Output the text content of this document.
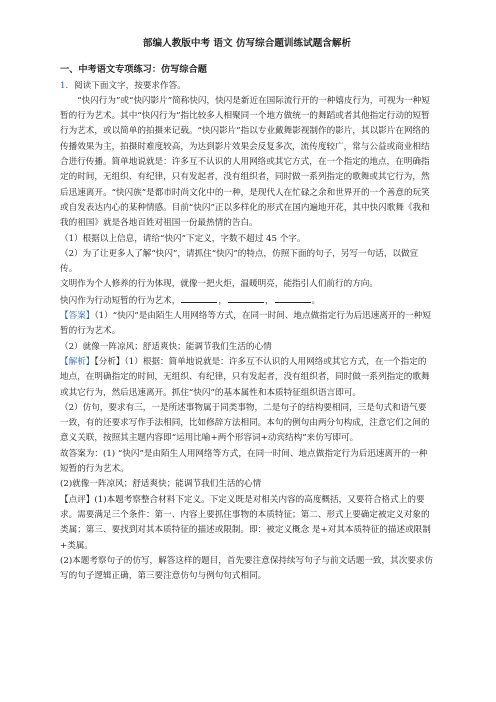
部编人教版中考 语文 仿写综合题训练试题含解析
一、中考语文专项练习：仿写综合题

1．阅读下面文字，按要求作答。

“快闪行为”或“快闪影片”简称快闪，快闪是新近在国际流行开的一种嬉皮行为，可视为一种短暂的行为艺术。其中“快闪行为”指比较多人相聚同一个地方做统一的舞蹈或者其他指定行动的短暂行为艺术，或以简单的拍摄来记载。“快闪影片”指以专业戴舞影视制作的影片，其以影片在网络的传播效果为主，拍摄时难度较高，为达到影片效果会反复多次，流传度较广，常与公益或商业相结合进行传播。简单地说就是：许多互不认识的人用网络或其它方式，在一个指定的地点，在明确指定的时间，无组织、有纪律，只有发起者，没有组织者，同时做一系列指定的歌舞或其它行为，然后迅速离开。“快闪族”是都市时尚文化中的一种，是现代人在忙碌之余和世界开的一个善意的玩笑或自发表达内心的某种情感。目前“快闪”正以多样化的形式在国内遍地开花，其中快闪歌舞《我和我的祖国》就是各地百姓对祖国一份最热情的告白。

（1）根据以上信息，请给“快闪”下定义，字数不超过 45 个字。

（2）为了让更多人了解“快闪”，请抓住“快闪”的特点，仿照下面的句子，另写一句话，以做宣传。

文明作为个人修养的行为体现，就像一把火炬，温暖明亮，能指引人们前行的方向。

快闪作为行动短暂的行为艺术，	，	，	。

【答案】（1）“快闪”是由陌生人用网络等方式，在同一时间、地点做指定行为后迅速离开的一种短暂的行为艺术。

（2）就像一阵凉风；舒适爽快；能调节我们生活的心情

【解析】【分析】（1）根据：简单地说就是：许多互不认识的人用网络或其它方式，在一个指定的地点，在明确指定的时间，无组织、有纪律，只有发起者，没有组织者，同时做一系列指定的歌舞或其它行为，然后迅速离开。抓住“快闪”的基本属性和本质特征组织语言即可。

（2）仿句，要求有三，一是所述事物属于同类事物，二是句子的结构要相同，三是句式和语气要一致，有的还要求写作手法相同，比如修辞方法相同。本句的例句由两分句构成，注意它们之间的意义关联，按照其主题内容即“运用比喻+两个形容词+动宾结构”来仿写即可。

故答案为：(1) “快闪”是由陌生人用网络等方式，在同一时间、地点做指定行为后迅速离开的一种短暂的行为艺术。

(2)就像一阵凉风；舒适爽快；能调节我们生活的心情

【点评】(1)本题考察整合材料下定义。下定义既是对相关内容的高度概括，又要符合格式上的要求。需要满足三个条件：第一、内容上要抓住事物的本质特征；第二、形式上要确定被定义对象的类属；第三、要找到对其本质特征的描述或限制。即：被定义概念 是+对其本质特征的描述或限制+类属。

(2)本题考察句子的仿写，解答这样的题目，首先要注意保持续写句子与前文话题一致，其次要求仿写的句子逻辑正确，第三要注意仿句与例句句式相同。
